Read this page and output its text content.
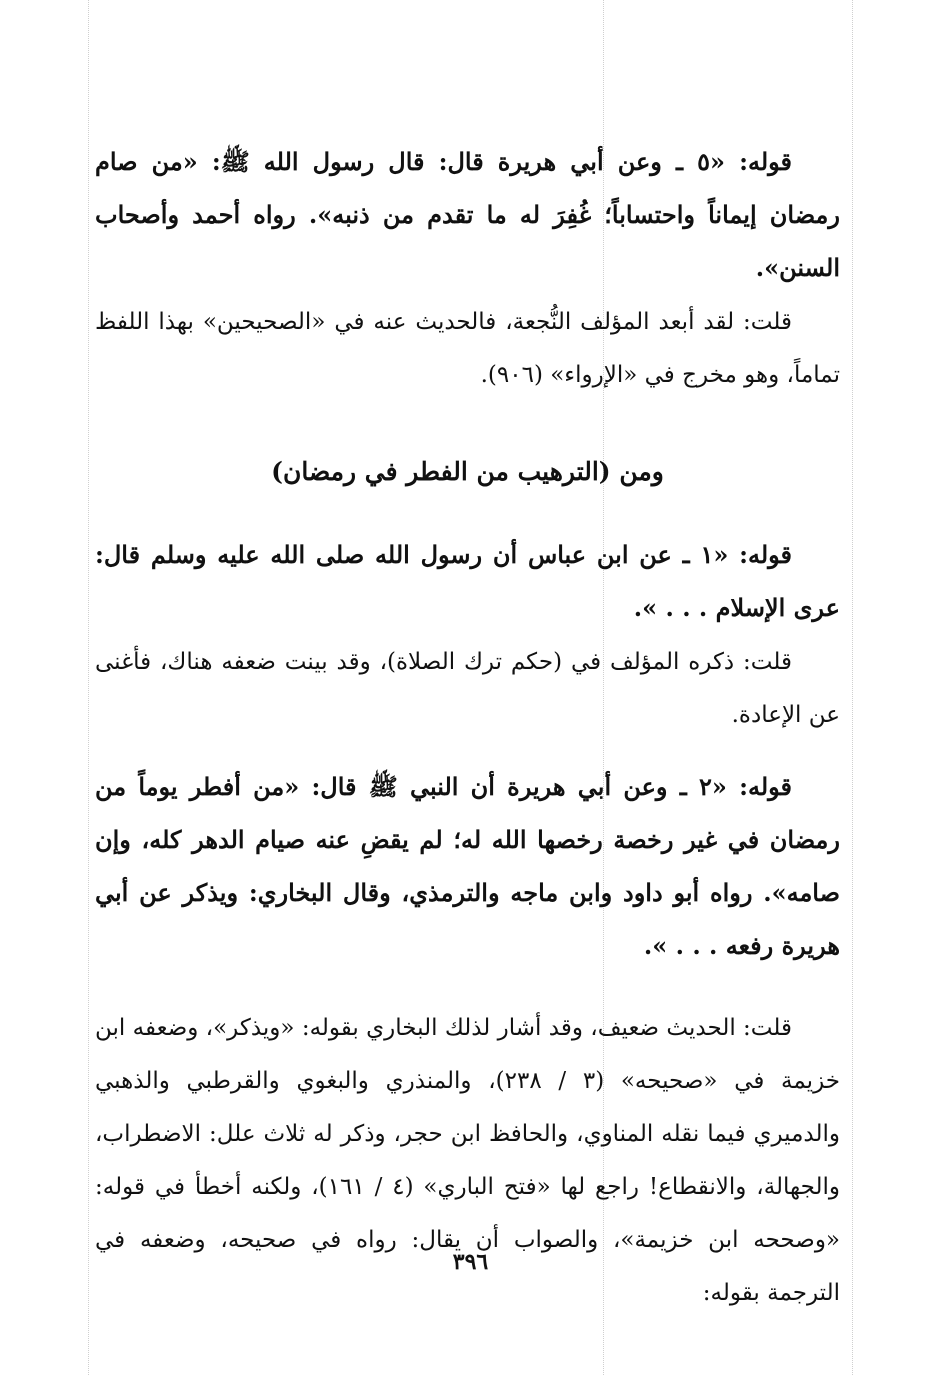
قوله: «٥ ـ وعن أبي هريرة قال: قال رسول الله ﷺ: «من صام رمضان إيماناً واحتساباً؛ غُفِرَ له ما تقدم من ذنبه». رواه أحمد وأصحاب السنن».

قلت: لقد أبعد المؤلف النُّجعة، فالحديث عنه في «الصحيحين» بهذا اللفظ تماماً، وهو مخرج في «الإرواء» (٩٠٦).

ومن (الترهيب من الفطر في رمضان)

قوله: «١ ـ عن ابن عباس أن رسول الله صلى الله عليه وسلم قال: عرى الإسلام . . . ».

قلت: ذكره المؤلف في (حكم ترك الصلاة)، وقد بينت ضعفه هناك، فأغنى عن الإعادة.

قوله: «٢ ـ وعن أبي هريرة أن النبي ﷺ قال: «من أفطر يوماً من رمضان في غير رخصة رخصها الله له؛ لم يقضِ عنه صيام الدهر كله، وإن صامه». رواه أبو داود وابن ماجه والترمذي، وقال البخاري: ويذكر عن أبي هريرة رفعه . . . ».

قلت: الحديث ضعيف، وقد أشار لذلك البخاري بقوله: «ويذكر»، وضعفه ابن خزيمة في «صحيحه» (٣ / ٢٣٨)، والمنذري والبغوي والقرطبي والذهبي والدميري فيما نقله المناوي، والحافظ ابن حجر، وذكر له ثلاث علل: الاضطراب، والجهالة، والانقطاع! راجع لها «فتح الباري» (٤ / ١٦١)، ولكنه أخطأ في قوله: «وصححه ابن خزيمة»، والصواب أن يقال: رواه في صحيحه، وضعفه في الترجمة بقوله:

٣٩٦
